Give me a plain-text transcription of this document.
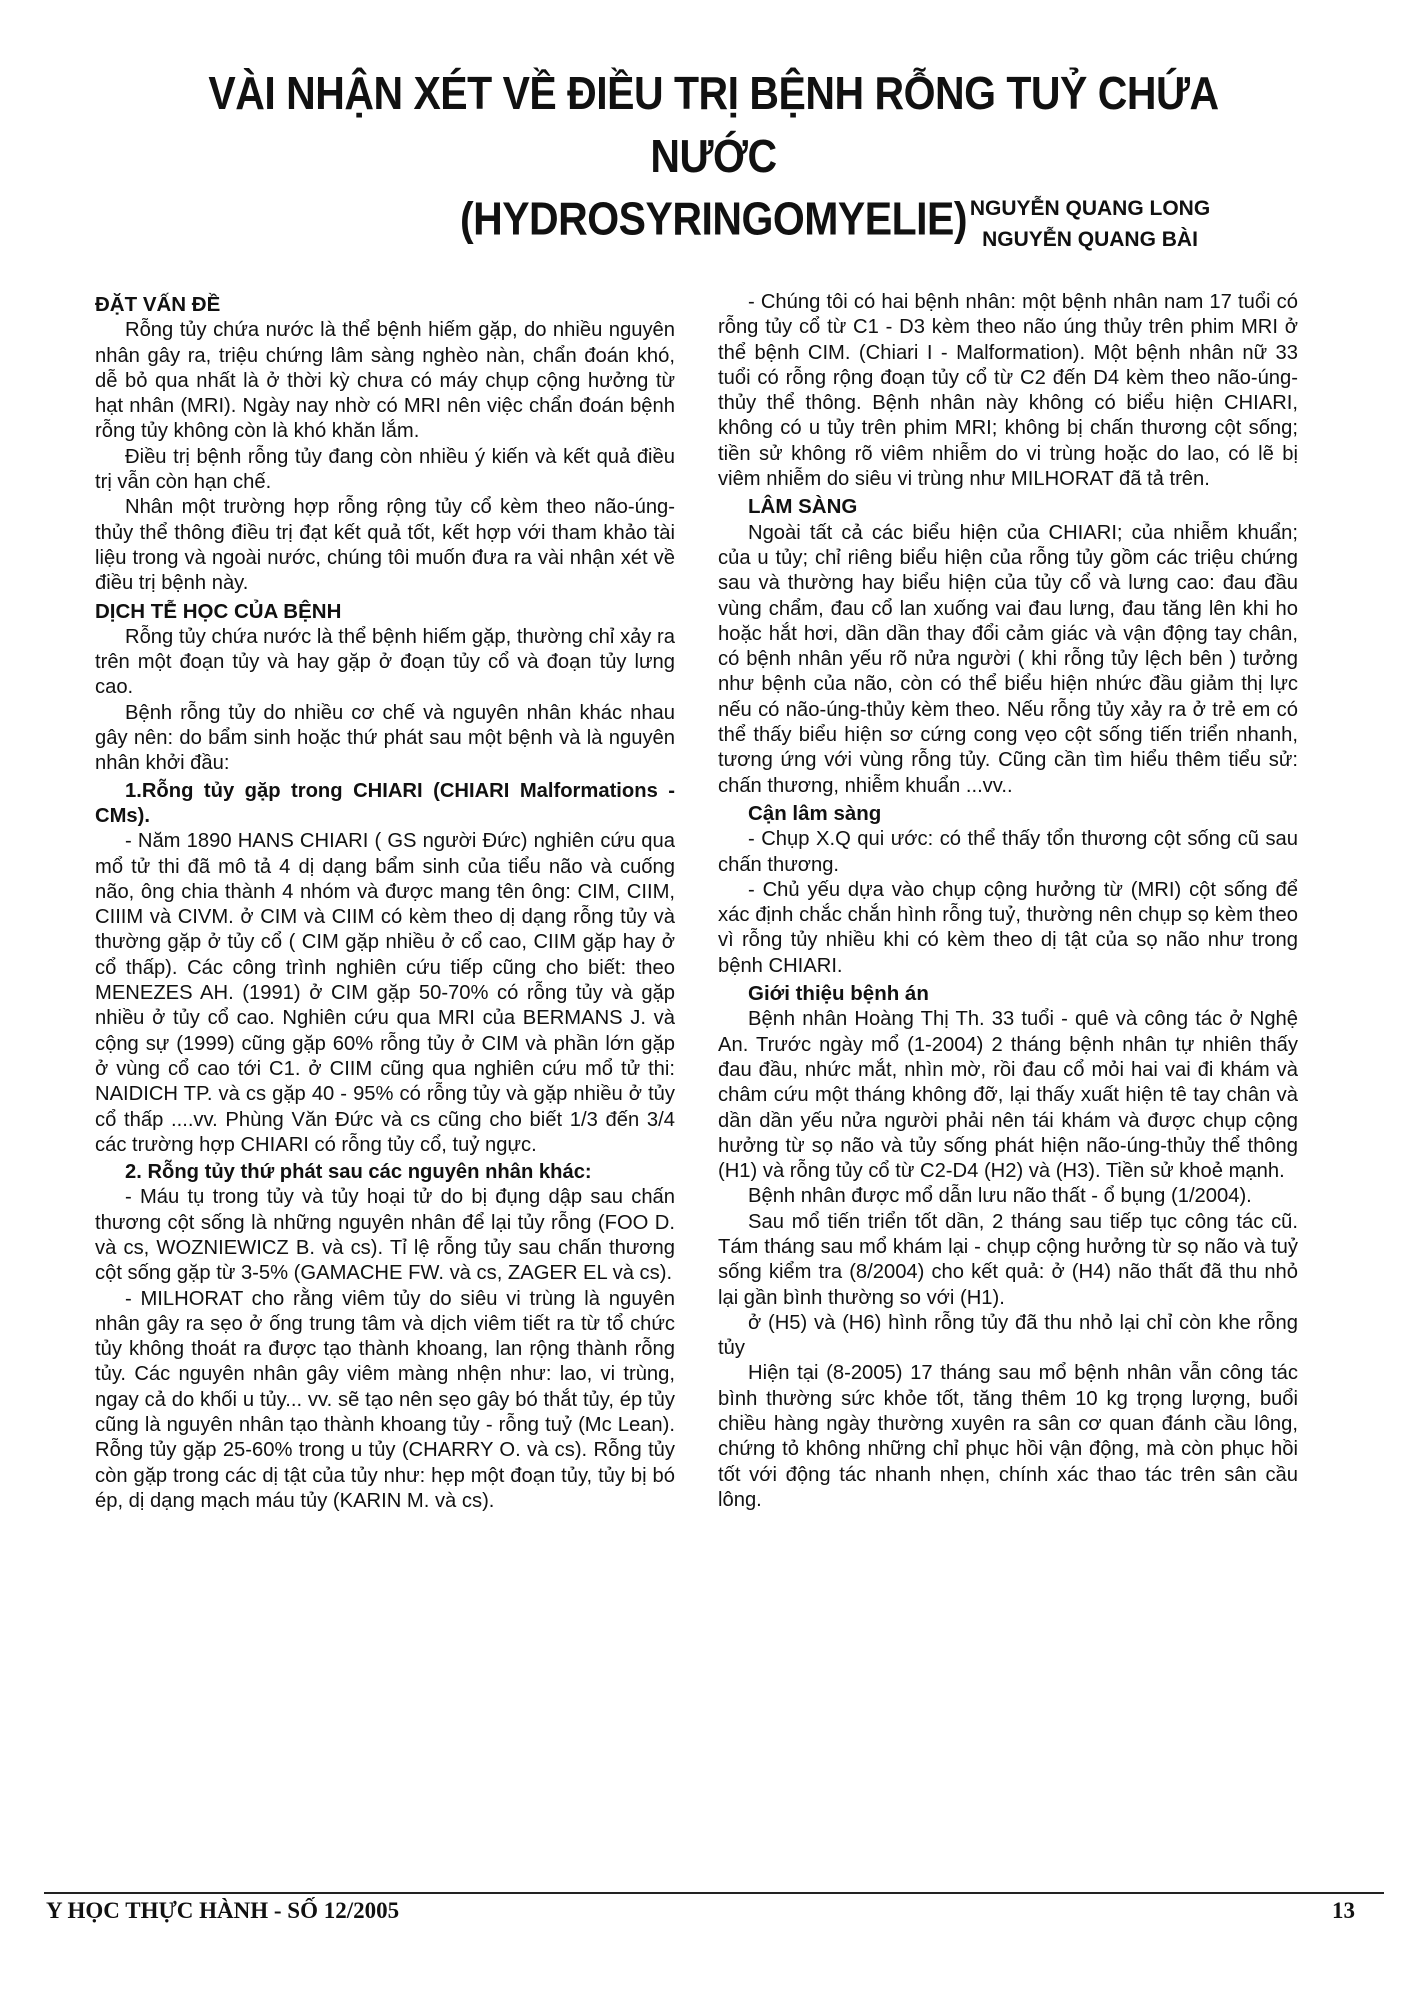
VÀI NHẬN XÉT VỀ ĐIỀU TRỊ BỆNH RỖNG TUỶ CHỨA NƯỚC
(HYDROSYRINGOMYELIE) NGUYỄN QUANG LONG
NGUYỄN QUANG BÀI
ĐẶT VẤN ĐỀ

Rỗng tủy chứa nước là thể bệnh hiếm gặp, do nhiều nguyên nhân gây ra, triệu chứng lâm sàng nghèo nàn, chẩn đoán khó, dễ bỏ qua nhất là ở thời kỳ chưa có máy chụp cộng hưởng từ hạt nhân (MRI). Ngày nay nhờ có MRI nên việc chẩn đoán bệnh rỗng tủy không còn là khó khăn lắm.

Điều trị bệnh rỗng tủy đang còn nhiều ý kiến và kết quả điều trị vẫn còn hạn chế.

Nhân một trường hợp rỗng rộng tủy cổ kèm theo não-úng-thủy thể thông điều trị đạt kết quả tốt, kết hợp với tham khảo tài liệu trong và ngoài nước, chúng tôi muốn đưa ra vài nhận xét về điều trị bệnh này.

DỊCH TỄ HỌC CỦA BỆNH

Rỗng tủy chứa nước là thể bệnh hiếm gặp, thường chỉ xảy ra trên một đoạn tủy và hay gặp ở đoạn tủy cổ và đoạn tủy lưng cao.

Bệnh rỗng tủy do nhiều cơ chế và nguyên nhân khác nhau gây nên: do bẩm sinh hoặc thứ phát sau một bệnh và là nguyên nhân khởi đầu:

1.Rỗng tủy gặp trong CHIARI (CHIARI Malformations - CMs).

- Năm 1890 HANS CHIARI ( GS người Đức) nghiên cứu qua mổ tử thi đã mô tả 4 dị dạng bẩm sinh của tiểu não và cuống não, ông chia thành 4 nhóm và được mang tên ông: CIM, CIIM, CIIIM và CIVM. ở CIM và CIIM có kèm theo dị dạng rỗng tủy và thường gặp ở tủy cổ ( CIM gặp nhiều ở cổ cao, CIIM gặp hay ở cổ thấp). Các công trình nghiên cứu tiếp cũng cho biết: theo MENEZES AH. (1991) ở CIM gặp 50-70% có rỗng tủy và gặp nhiều ở tủy cổ cao. Nghiên cứu qua MRI của BERMANS J. và cộng sự (1999) cũng gặp 60% rỗng tủy ở CIM và phần lớn gặp ở vùng cổ cao tới C1. ở CIIM cũng qua nghiên cứu mổ tử thi: NAIDICH TP. và cs gặp 40 - 95% có rỗng tủy và gặp nhiều ở tủy cổ thấp ....vv. Phùng Văn Đức và cs cũng cho biết 1/3 đến 3/4 các trường hợp CHIARI có rỗng tủy cổ, tuỷ ngực.

2. Rỗng tủy thứ phát sau các nguyên nhân khác:

- Máu tụ trong tủy và tủy hoại tử do bị đụng dập sau chấn thương cột sống là những nguyên nhân để lại tủy rỗng (FOO D. và cs, WOZNIEWICZ B. và cs). Tỉ lệ rỗng tủy sau chấn thương cột sống gặp từ 3-5% (GAMACHE FW. và cs, ZAGER EL và cs).

- MILHORAT cho rằng viêm tủy do siêu vi trùng là nguyên nhân gây ra sẹo ở ống trung tâm và dịch viêm tiết ra từ tổ chức tủy không thoát ra được tạo thành khoang, lan rộng thành rỗng tủy. Các nguyên nhân gây viêm màng nhện như: lao, vi trùng, ngay cả do khối u tủy... vv. sẽ tạo nên sẹo gây bó thắt tủy, ép tủy cũng là nguyên nhân tạo thành khoang tủy - rỗng tuỷ (Mc Lean). Rỗng tủy gặp 25-60% trong u tủy (CHARRY O. và cs). Rỗng tủy còn gặp trong các dị tật của tủy như: hẹp một đoạn tủy, tủy bị bó ép, dị dạng mạch máu tủy (KARIN M. và cs).

- Chúng tôi có hai bệnh nhân: một bệnh nhân nam 17 tuổi có rỗng tủy cổ từ C1 - D3 kèm theo não úng thủy trên phim MRI ở thể bệnh CIM. (Chiari I - Malformation). Một bệnh nhân nữ 33 tuổi có rỗng rộng đoạn tủy cổ từ C2 đến D4 kèm theo não-úng-thủy thể thông. Bệnh nhân này không có biểu hiện CHIARI, không có u tủy trên phim MRI; không bị chấn thương cột sống; tiền sử không rõ viêm nhiễm do vi trùng hoặc do lao, có lẽ bị viêm nhiễm do siêu vi trùng như MILHORAT đã tả trên.

LÂM SÀNG

Ngoài tất cả các biểu hiện của CHIARI; của nhiễm khuẩn; của u tủy; chỉ riêng biểu hiện của rỗng tủy gồm các triệu chứng sau và thường hay biểu hiện của tủy cổ và lưng cao: đau đầu vùng chẩm, đau cổ lan xuống vai đau lưng, đau tăng lên khi ho hoặc hắt hơi, dần dần thay đổi cảm giác và vận động tay chân, có bệnh nhân yếu rõ nửa người ( khi rỗng tủy lệch bên ) tưởng như bệnh của não, còn có thể biểu hiện nhức đầu giảm thị lực nếu có não-úng-thủy kèm theo. Nếu rỗng tủy xảy ra ở trẻ em có thể thấy biểu hiện sơ cứng cong vẹo cột sống tiến triển nhanh, tương ứng với vùng rỗng tủy. Cũng cần tìm hiểu thêm tiểu sử: chấn thương, nhiễm khuẩn ...vv..

Cận lâm sàng

- Chụp X.Q qui ước: có thể thấy tổn thương cột sống cũ sau chấn thương.

- Chủ yếu dựa vào chụp cộng hưởng từ (MRI) cột sống để xác định chắc chắn hình rỗng tuỷ, thường nên chụp sọ kèm theo vì rỗng tủy nhiều khi có kèm theo dị tật của sọ não như trong bệnh CHIARI.

Giới thiệu bệnh án

Bệnh nhân Hoàng Thị Th. 33 tuổi - quê và công tác ở Nghệ An. Trước ngày mổ (1-2004) 2 tháng bệnh nhân tự nhiên thấy đau đầu, nhức mắt, nhìn mờ, rồi đau cổ mỏi hai vai đi khám và châm cứu một tháng không đỡ, lại thấy xuất hiện tê tay chân và dần dần yếu nửa người phải nên tái khám và được chụp cộng hưởng từ sọ não và tủy sống phát hiện não-úng-thủy thể thông (H1) và rỗng tủy cổ từ C2-D4 (H2) và (H3). Tiền sử khoẻ mạnh.

Bệnh nhân được mổ dẫn lưu não thất - ổ bụng (1/2004).

Sau mổ tiến triển tốt dần, 2 tháng sau tiếp tục công tác cũ. Tám tháng sau mổ khám lại - chụp cộng hưởng từ sọ não và tuỷ sống kiểm tra (8/2004) cho kết quả: ở (H4) não thất đã thu nhỏ lại gần bình thường so với (H1).

ở (H5) và (H6) hình rỗng tủy đã thu nhỏ lại chỉ còn khe rỗng tủy

Hiện tại (8-2005) 17 tháng sau mổ bệnh nhân vẫn công tác bình thường sức khỏe tốt, tăng thêm 10 kg trọng lượng, buổi chiều hàng ngày thường xuyên ra sân cơ quan đánh cầu lông, chứng tỏ không những chỉ phục hồi vận động, mà còn phục hồi tốt với động tác nhanh nhẹn, chính xác thao tác trên sân cầu lông.

Y HỌC THỰC HÀNH - SỐ 12/2005	13
